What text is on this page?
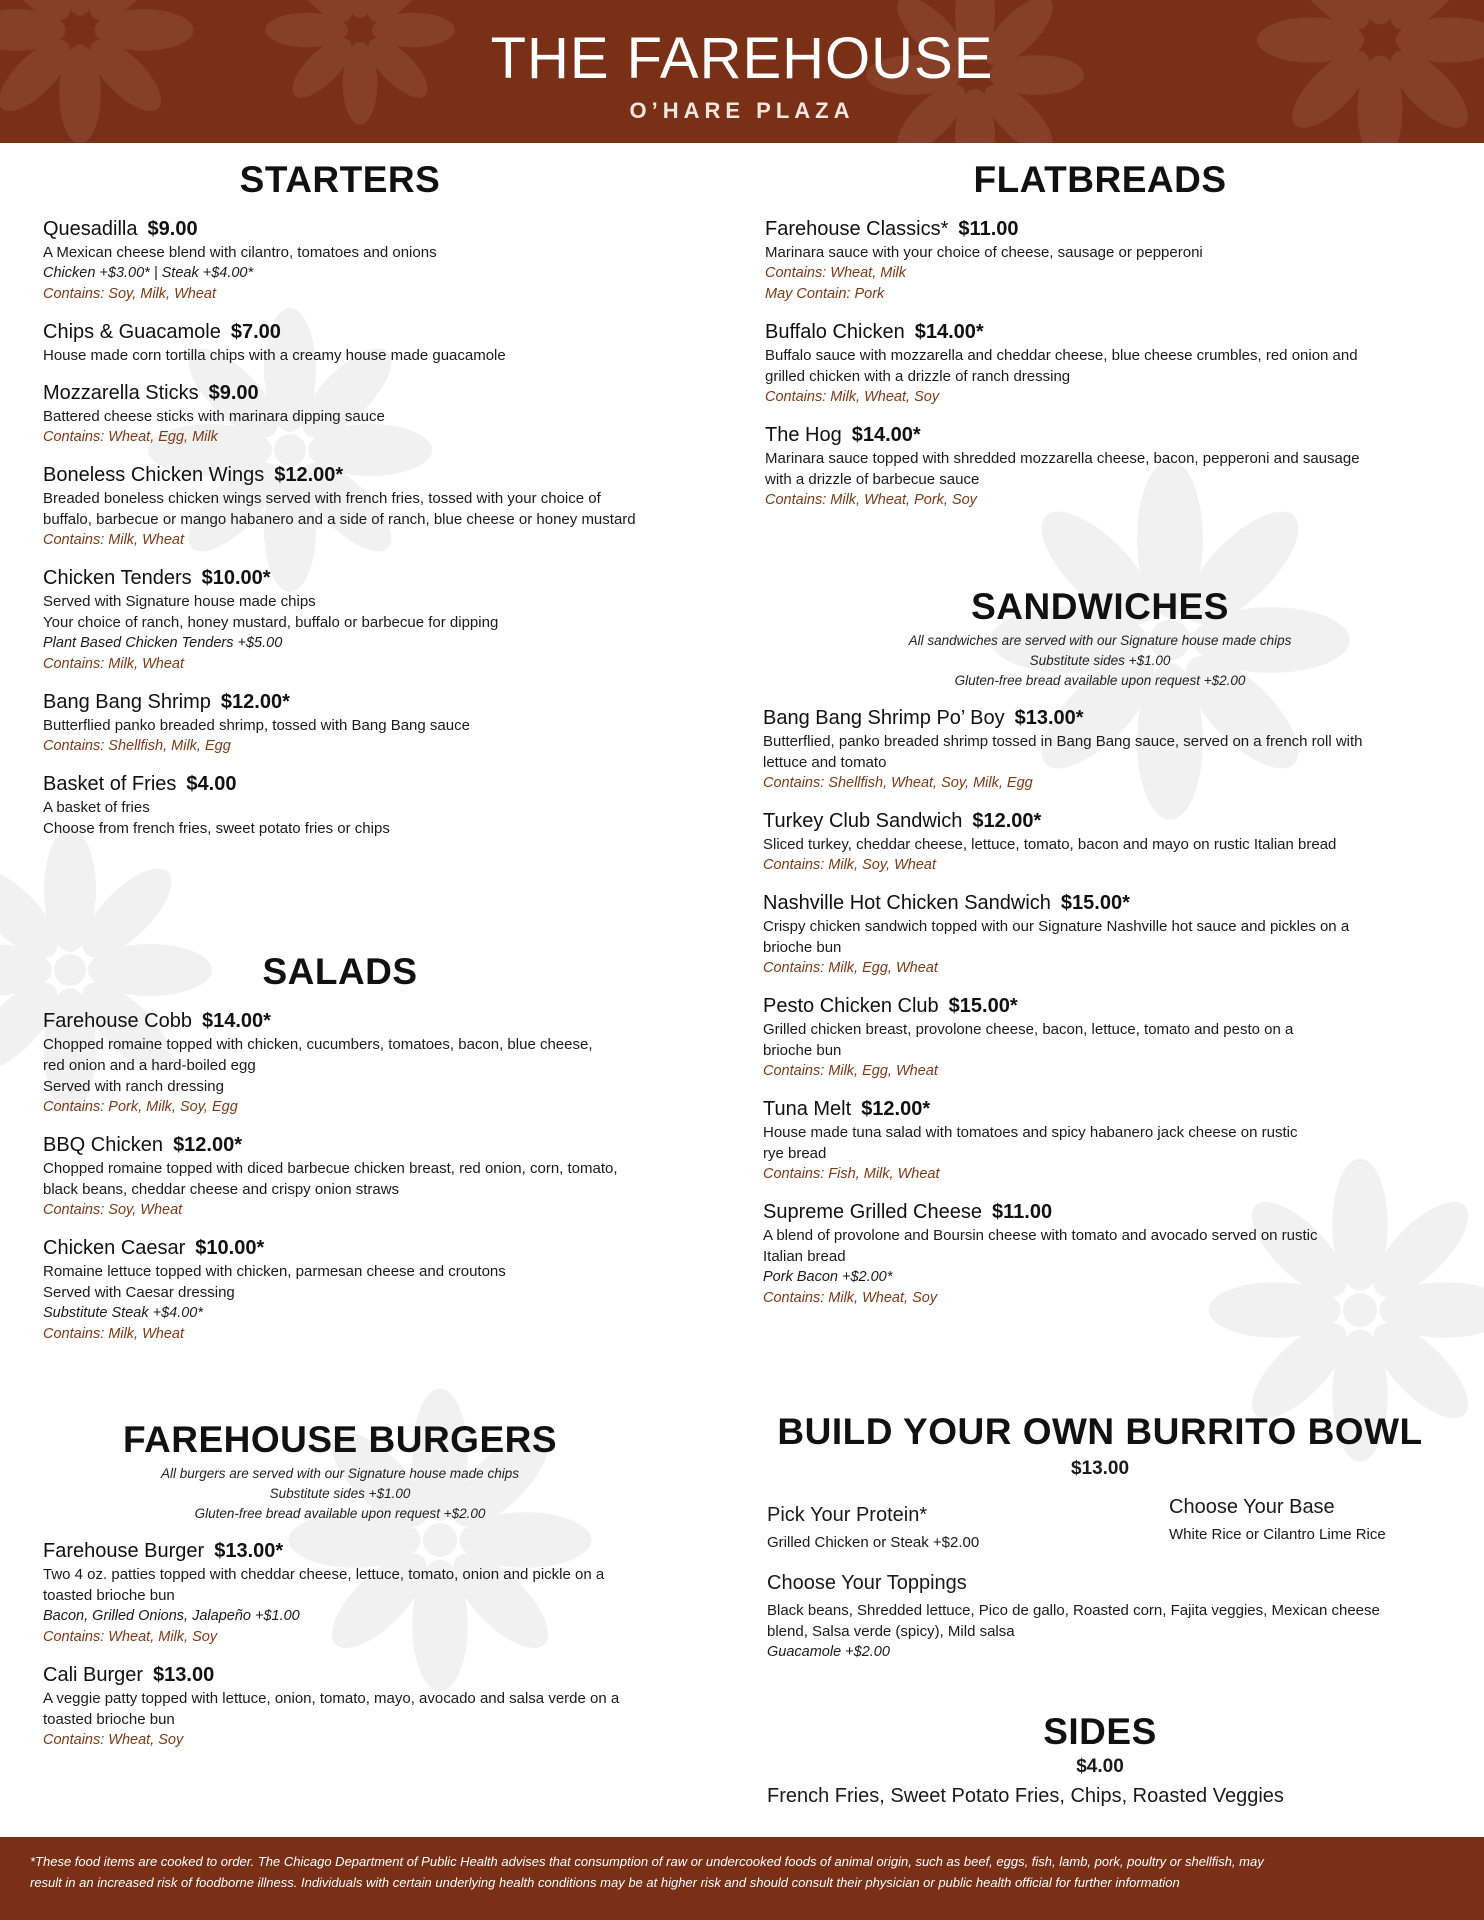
THE FAREHOUSE
O’HARE PLAZA
STARTERS
Quesadilla $9.00
A Mexican cheese blend with cilantro, tomatoes and onions
Chicken +$3.00* | Steak +$4.00*
Contains: Soy, Milk, Wheat
Chips & Guacamole $7.00
House made corn tortilla chips with a creamy house made guacamole
Mozzarella Sticks $9.00
Battered cheese sticks with marinara dipping sauce
Contains: Wheat, Egg, Milk
Boneless Chicken Wings $12.00*
Breaded boneless chicken wings served with french fries, tossed with your choice of
buffalo, barbecue or mango habanero and a side of ranch, blue cheese or honey mustard
Contains: Milk, Wheat
Chicken Tenders $10.00*
Served with Signature house made chips
Your choice of ranch, honey mustard, buffalo or barbecue for dipping
Plant Based Chicken Tenders +$5.00
Contains: Milk, Wheat
Bang Bang Shrimp $12.00*
Butterflied panko breaded shrimp, tossed with Bang Bang sauce
Contains: Shellfish, Milk, Egg
Basket of Fries $4.00
A basket of fries
Choose from french fries, sweet potato fries or chips
SALADS
Farehouse Cobb $14.00*
Chopped romaine topped with chicken, cucumbers, tomatoes, bacon, blue cheese,
red onion and a hard-boiled egg
Served with ranch dressing
Contains: Pork, Milk, Soy, Egg
BBQ Chicken $12.00*
Chopped romaine topped with diced barbecue chicken breast, red onion, corn, tomato,
black beans, cheddar cheese and crispy onion straws
Contains: Soy, Wheat
Chicken Caesar $10.00*
Romaine lettuce topped with chicken, parmesan cheese and croutons
Served with Caesar dressing
Substitute Steak +$4.00*
Contains: Milk, Wheat
FAREHOUSE BURGERS
All burgers are served with our Signature house made chips
Substitute sides +$1.00
Gluten-free bread available upon request +$2.00
Farehouse Burger $13.00*
Two 4 oz. patties topped with cheddar cheese, lettuce, tomato, onion and pickle on a
toasted brioche bun
Bacon, Grilled Onions, Jalapeño +$1.00
Contains: Wheat, Milk, Soy
Cali Burger $13.00
A veggie patty topped with lettuce, onion, tomato, mayo, avocado and salsa verde on a
toasted brioche bun
Contains: Wheat, Soy
FLATBREADS
Farehouse Classics* $11.00
Marinara sauce with your choice of cheese, sausage or pepperoni
Contains: Wheat, Milk
May Contain: Pork
Buffalo Chicken $14.00*
Buffalo sauce with mozzarella and cheddar cheese, blue cheese crumbles, red onion and
grilled chicken with a drizzle of ranch dressing
Contains: Milk, Wheat, Soy
The Hog $14.00*
Marinara sauce topped with shredded mozzarella cheese, bacon, pepperoni and sausage
with a drizzle of barbecue sauce
Contains: Milk, Wheat, Pork, Soy
SANDWICHES
All sandwiches are served with our Signature house made chips
Substitute sides +$1.00
Gluten-free bread available upon request +$2.00
Bang Bang Shrimp Po’ Boy $13.00*
Butterflied, panko breaded shrimp tossed in Bang Bang sauce, served on a french roll with
lettuce and tomato
Contains: Shellfish, Wheat, Soy, Milk, Egg
Turkey Club Sandwich $12.00*
Sliced turkey, cheddar cheese, lettuce, tomato, bacon and mayo on rustic Italian bread
Contains: Milk, Soy, Wheat
Nashville Hot Chicken Sandwich $15.00*
Crispy chicken sandwich topped with our Signature Nashville hot sauce and pickles on a
brioche bun
Contains: Milk, Egg, Wheat
Pesto Chicken Club $15.00*
Grilled chicken breast, provolone cheese, bacon, lettuce, tomato and pesto on a
brioche bun
Contains: Milk, Egg, Wheat
Tuna Melt $12.00*
House made tuna salad with tomatoes and spicy habanero jack cheese on rustic
rye bread
Contains: Fish, Milk, Wheat
Supreme Grilled Cheese $11.00
A blend of provolone and Boursin cheese with tomato and avocado served on rustic
Italian bread
Pork Bacon +$2.00*
Contains: Milk, Wheat, Soy
BUILD YOUR OWN BURRITO BOWL
$13.00
Pick Your Protein*
Grilled Chicken or Steak +$2.00
Choose Your Base
White Rice or Cilantro Lime Rice
Choose Your Toppings
Black beans, Shredded lettuce, Pico de gallo, Roasted corn, Fajita veggies, Mexican cheese
blend, Salsa verde (spicy), Mild salsa
Guacamole +$2.00
SIDES
$4.00
French Fries, Sweet Potato Fries, Chips, Roasted Veggies
*These food items are cooked to order. The Chicago Department of Public Health advises that consumption of raw or undercooked foods of animal origin, such as beef, eggs, fish, lamb, pork, poultry or shellfish, may
result in an increased risk of foodborne illness. Individuals with certain underlying health conditions may be at higher risk and should consult their physician or public health official for further information
